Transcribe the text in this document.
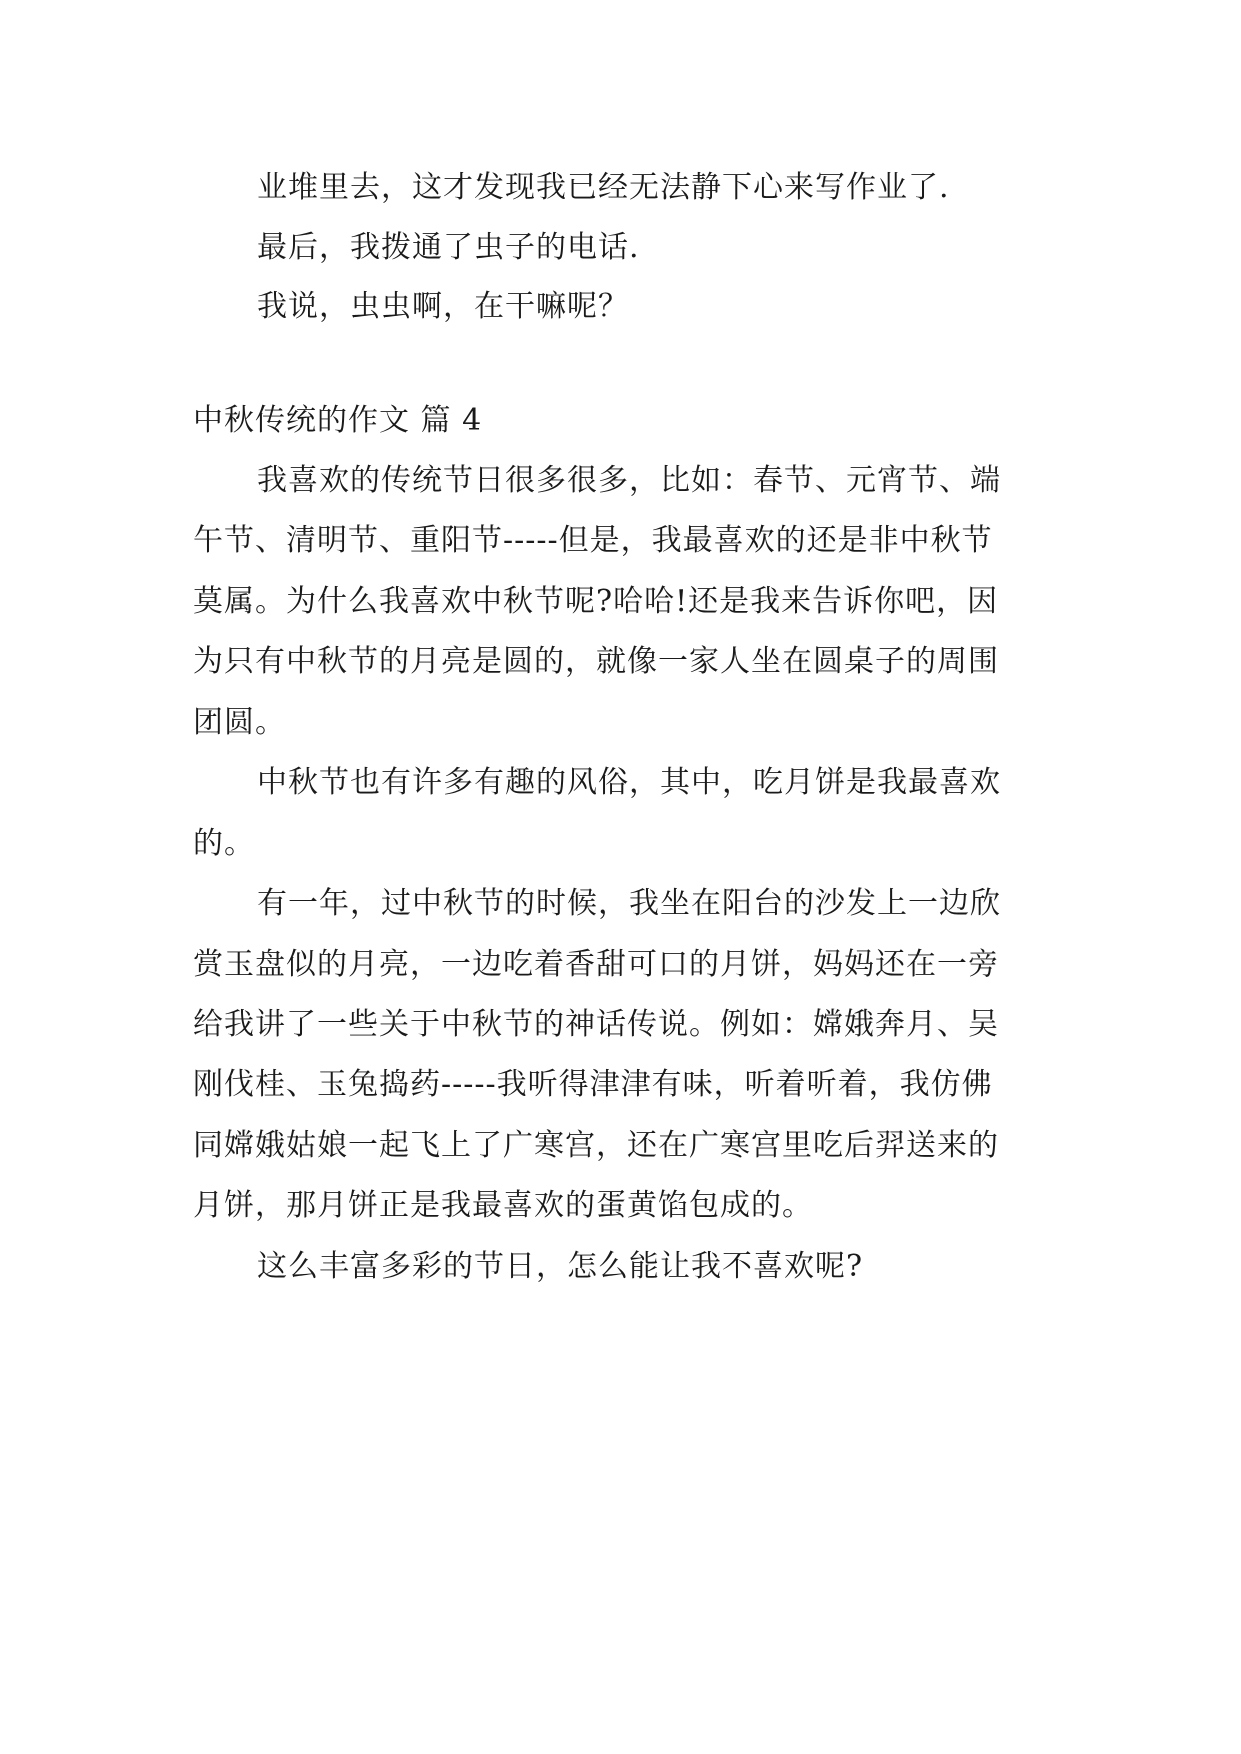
业堆里去，这才发现我已经无法静下心来写作业了.
最后，我拨通了虫子的电话.
我说，虫虫啊，在干嘛呢？
中秋传统的作文 篇 4
我喜欢的传统节日很多很多，比如：春节、元宵节、端
午节、清明节、重阳节-----但是，我最喜欢的还是非中秋节
莫属。为什么我喜欢中秋节呢?哈哈!还是我来告诉你吧，因
为只有中秋节的月亮是圆的，就像一家人坐在圆桌子的周围
团圆。
中秋节也有许多有趣的风俗，其中，吃月饼是我最喜欢
的。
有一年，过中秋节的时候，我坐在阳台的沙发上一边欣
赏玉盘似的月亮，一边吃着香甜可口的月饼，妈妈还在一旁
给我讲了一些关于中秋节的神话传说。例如：嫦娥奔月、吴
刚伐桂、玉兔捣药-----我听得津津有味，听着听着，我仿佛
同嫦娥姑娘一起飞上了广寒宫，还在广寒宫里吃后羿送来的
月饼，那月饼正是我最喜欢的蛋黄馅包成的。
这么丰富多彩的节日，怎么能让我不喜欢呢?
